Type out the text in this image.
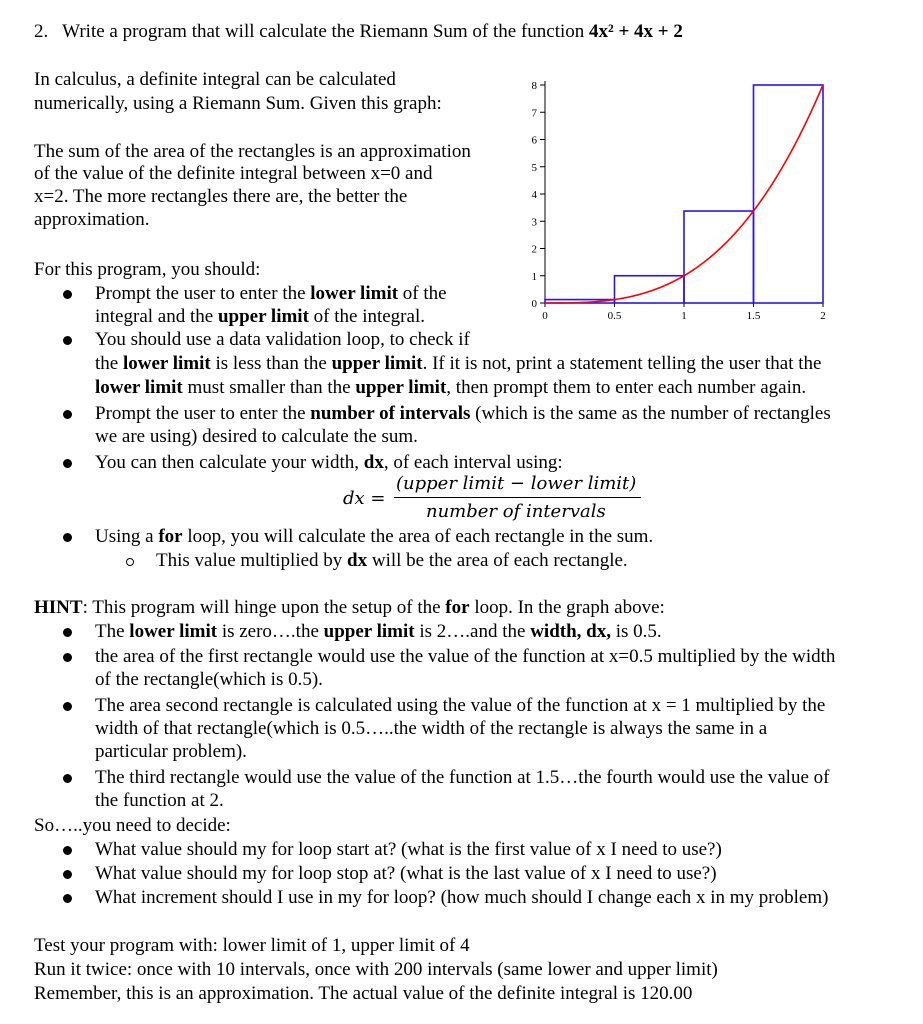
2. Write a program that will calculate the Riemann Sum of the function 4x² + 4x + 2
In calculus, a definite integral can be calculated
numerically, using a Riemann Sum. Given this graph:
The sum of the area of the rectangles is an approximation
of the value of the definite integral between x=0 and
x=2. The more rectangles there are, the better the
approximation.
0
1
2
3
4
5
6
7
8
0	0.5	1	1.5	2
For this program, you should:
Prompt the user to enter the lower limit of the
integral and the upper limit of the integral.
You should use a data validation loop, to check if
the lower limit is less than the upper limit. If it is not, print a statement telling the user that the
lower limit must smaller than the upper limit, then prompt them to enter each number again.
Prompt the user to enter the number of intervals (which is the same as the number of rectangles
we are using) desired to calculate the sum.
You can then calculate your width, dx, of each interval using:
dx =
(upper limit − lower limit)
number of intervals
Using a for loop, you will calculate the area of each rectangle in the sum.
This value multiplied by dx will be the area of each rectangle.
HINT: This program will hinge upon the setup of the for loop. In the graph above:
The lower limit is zero….the upper limit is 2….and the width, dx, is 0.5.
the area of the first rectangle would use the value of the function at x=0.5 multiplied by the width
of the rectangle(which is 0.5).
The area second rectangle is calculated using the value of the function at x = 1 multiplied by the
width of that rectangle(which is 0.5…..the width of the rectangle is always the same in a
particular problem).
The third rectangle would use the value of the function at 1.5…the fourth would use the value of
the function at 2.
So…..you need to decide:
What value should my for loop start at? (what is the first value of x I need to use?)
What value should my for loop stop at? (what is the last value of x I need to use?)
What increment should I use in my for loop? (how much should I change each x in my problem)
Test your program with: lower limit of 1, upper limit of 4
Run it twice: once with 10 intervals, once with 200 intervals (same lower and upper limit)
Remember, this is an approximation. The actual value of the definite integral is 120.00
